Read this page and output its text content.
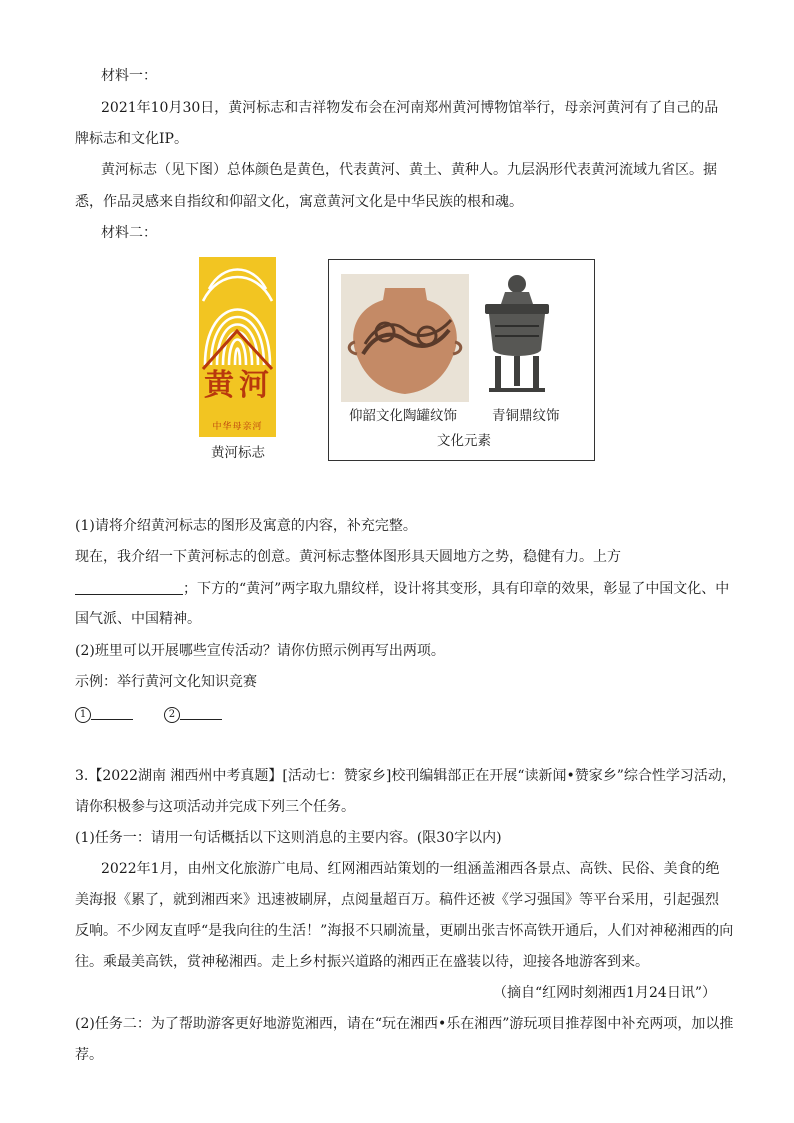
材料一：
2021年10月30日，黄河标志和吉祥物发布会在河南郑州黄河博物馆举行，母亲河黄河有了自己的品
牌标志和文化IP。
黄河标志（见下图）总体颜色是黄色，代表黄河、黄土、黄种人。九层涡形代表黄河流域九省区。据
悉，作品灵感来自指纹和仰韶文化，寓意黄河文化是中华民族的根和魂。
材料二：
黄 河
中华母亲河
黄河标志
仰韶文化陶罐纹饰	青铜鼎纹饰
文化元素
(1)请将介绍黄河标志的图形及寓意的内容，补充完整。
现在，我介绍一下黄河标志的创意。黄河标志整体图形具天圆地方之势，稳健有力。上方
；下方的“黄河”两字取九鼎纹样，设计将其变形，具有印章的效果，彰显了中国文化、中
国气派、中国精神。
(2)班里可以开展哪些宣传活动？请你仿照示例再写出两项。
示例：举行黄河文化知识竞赛
1	2
3.【2022湖南 湘西州中考真题】[活动七：赞家乡]校刊编辑部正在开展“读新闻•赞家乡”综合性学习活动，
请你积极参与这项活动并完成下列三个任务。
(1)任务一：请用一句话概括以下这则消息的主要内容。(限30字以内)
2022年1月，由州文化旅游广电局、红网湘西站策划的一组涵盖湘西各景点、高铁、民俗、美食的绝
美海报《累了，就到湘西来》迅速被刷屏，点阅量超百万。稿件还被《学习强国》等平台采用，引起强烈
反响。不少网友直呼“是我向往的生活！”海报不只刷流量，更刷出张吉怀高铁开通后，人们对神秘湘西的向
往。乘最美高铁，赏神秘湘西。走上乡村振兴道路的湘西正在盛装以待，迎接各地游客到来。
（摘自“红网时刻湘西1月24日讯”）
(2)任务二：为了帮助游客更好地游览湘西，请在“玩在湘西•乐在湘西”游玩项目推荐图中补充两项，加以推
荐。
